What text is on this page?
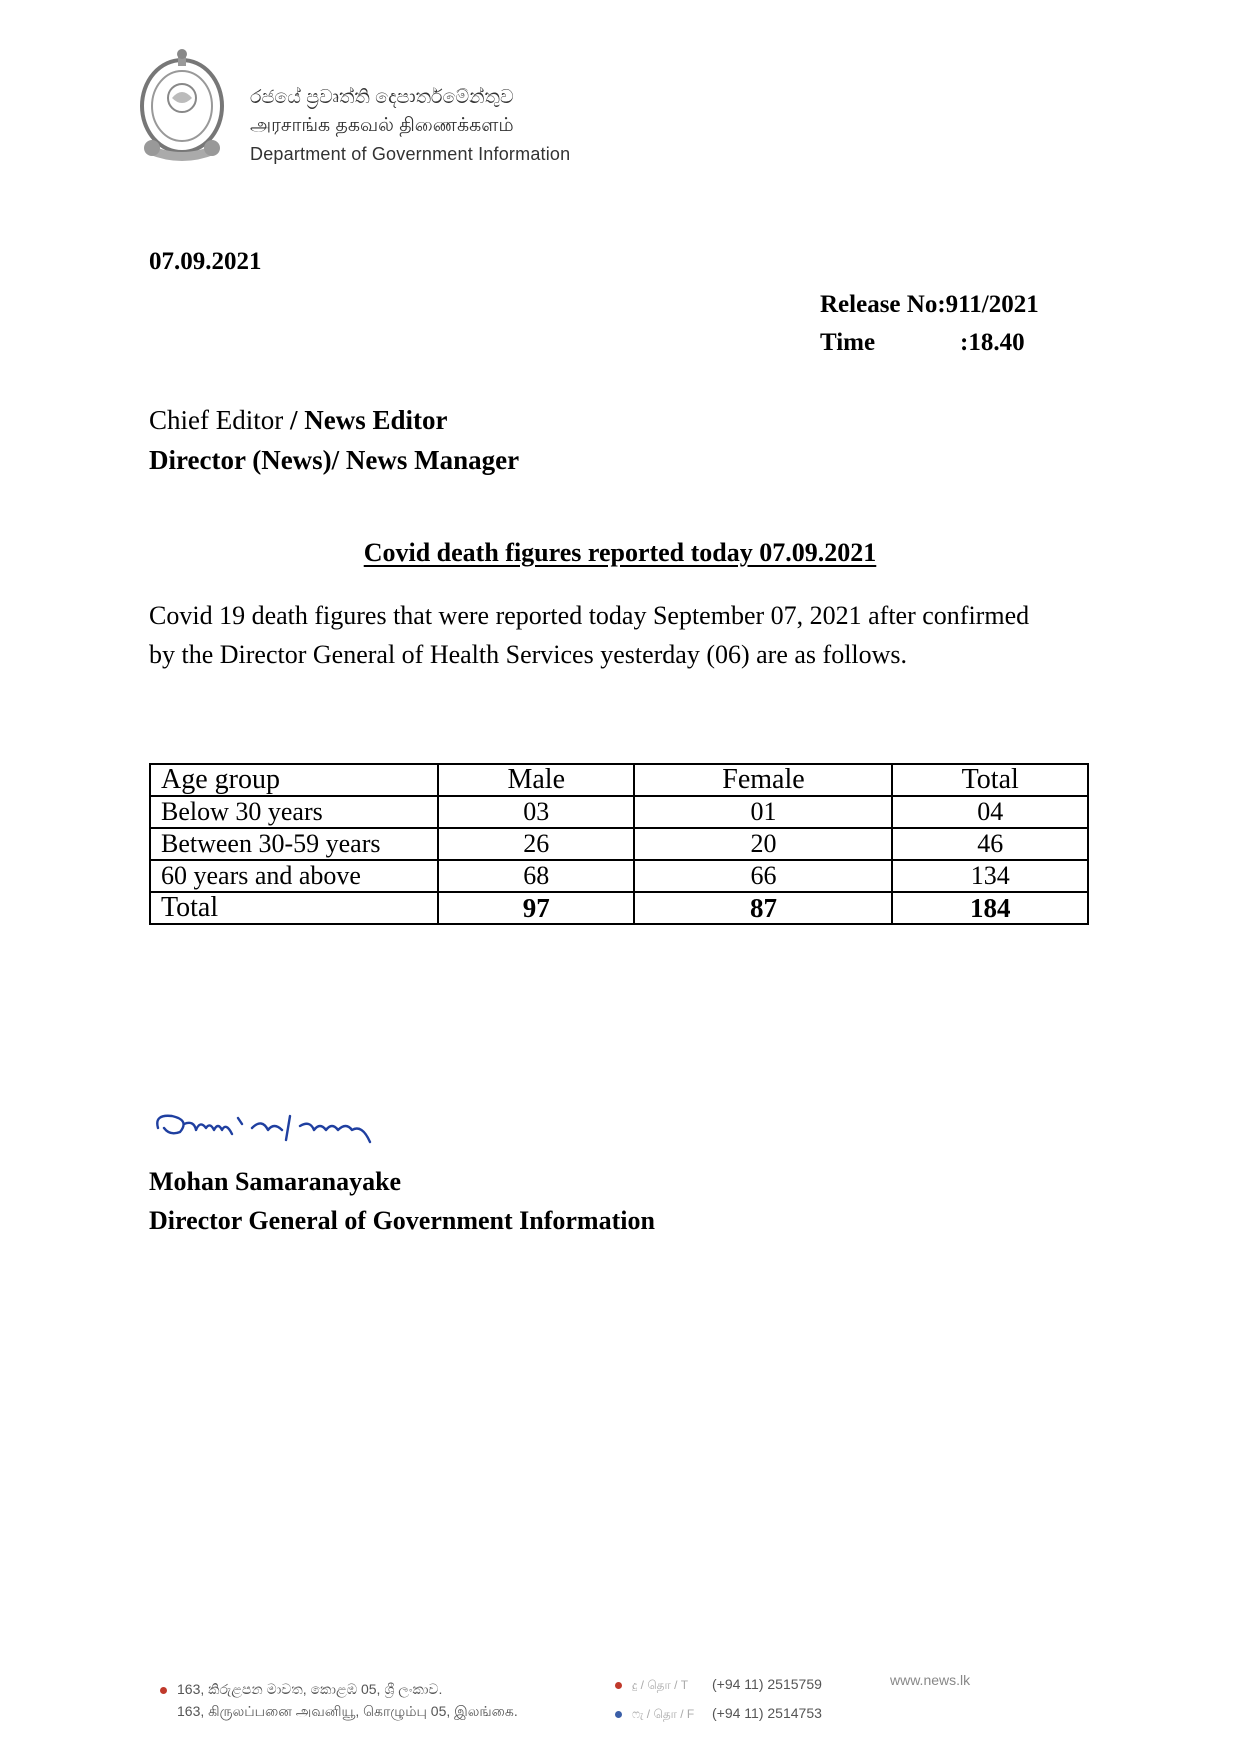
රජයේ ප්‍රවෘත්ති දෙපාර්තමේන්තුව
அரசாங்க தகவல் திணைக்களம்
Department of Government Information
07.09.2021
Release No: 911/2021
Time	:18.40
Chief Editor / News Editor
Director (News)/ News Manager
Covid death figures reported today 07.09.2021
Covid 19 death figures that were reported today September 07, 2021 after confirmed by the Director General of Health Services yesterday (06) are as follows.
Age group	Male	Female	Total
Below 30 years	03	01	04
Between 30-59 years	26	20	46
60 years and above	68	66	134
Total	97	87	184
Mohan Samaranayake
Director General of Government Information
163, කිරුළපන මාවත, කොළඹ 05, ශ්‍රී ලංකාව.
163, கிருலப்பனை அவனியூ, கொழும்பு 05, இலங்கை.
දු / தொ / T (+94 11) 2515759
ෆැ / தொ / F (+94 11) 2514753
www.news.lk
